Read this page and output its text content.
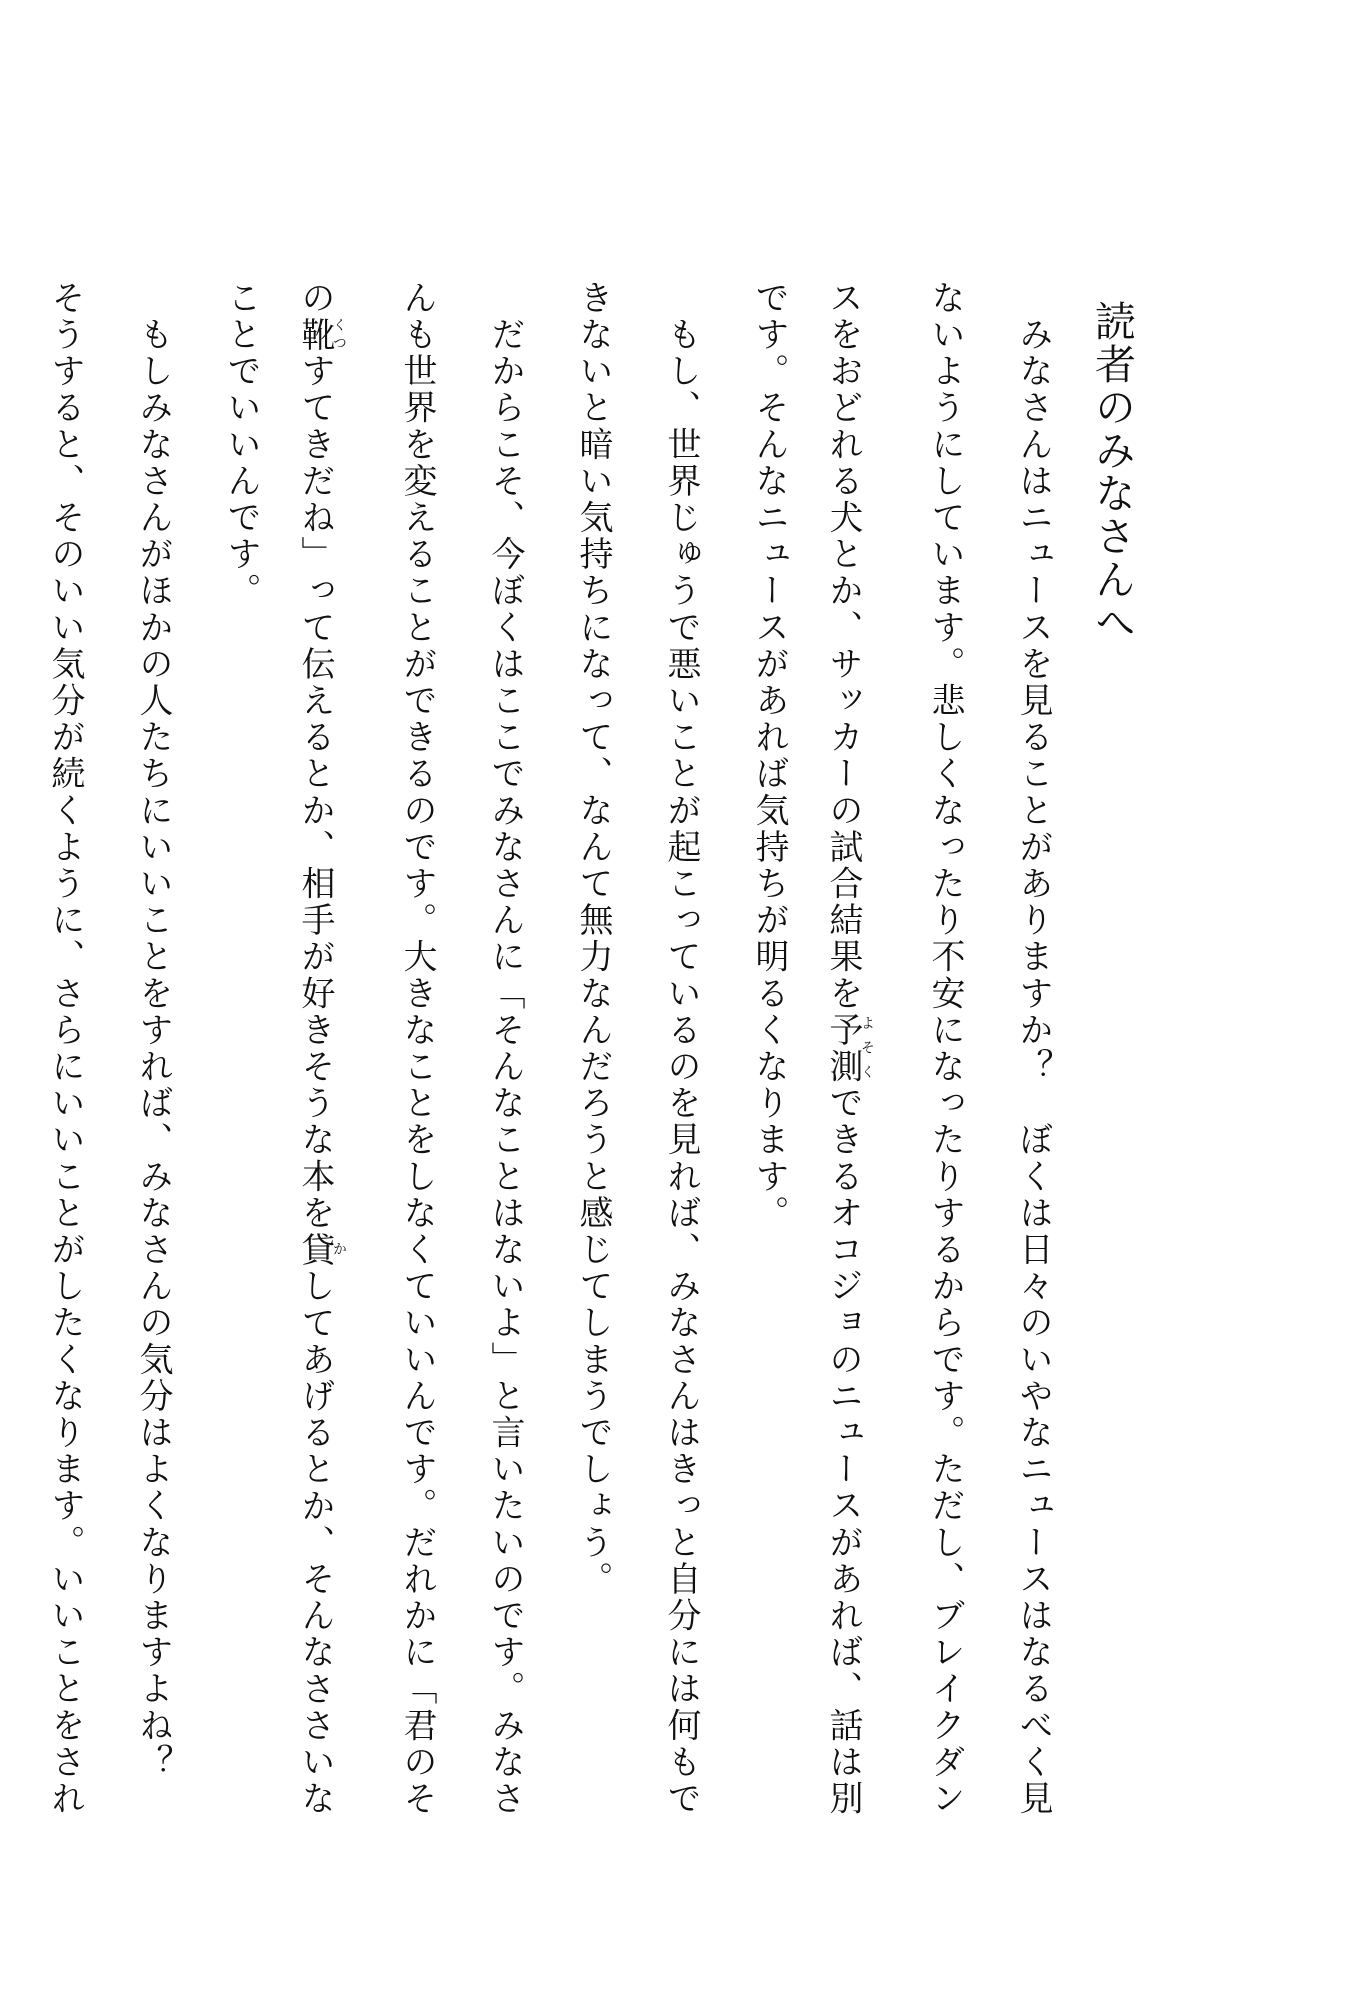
読者のみなさんへ
　みなさんはニュースを見ることがありますか？　ぼくは日々のいやなニュースはなるべく見
ないようにしています。悲しくなったり不安になったりするからです。ただし、ブレイクダン
スをおどれる犬とか、サッカーの試合結果を予測よそくできるオコジョのニュースがあれば、話は別
です。そんなニュースがあれば気持ちが明るくなります。
　もし、世界じゅうで悪いことが起こっているのを見れば、みなさんはきっと自分には何もで
きないと暗い気持ちになって、なんて無力なんだろうと感じてしまうでしょう。
　だからこそ、今ぼくはここでみなさんに「そんなことはないよ」と言いたいのです。みなさ
んも世界を変えることができるのです。大きなことをしなくていいんです。だれかに「君のそ
の靴くつすてきだね」って伝えるとか、相手が好きそうな本を貸かしてあげるとか、そんなささいな
ことでいいんです。
　もしみなさんがほかの人たちにいいことをすれば、みなさんの気分はよくなりますよね？
そうすると、そのいい気分が続くように、さらにいいことがしたくなります。いいことをされ
